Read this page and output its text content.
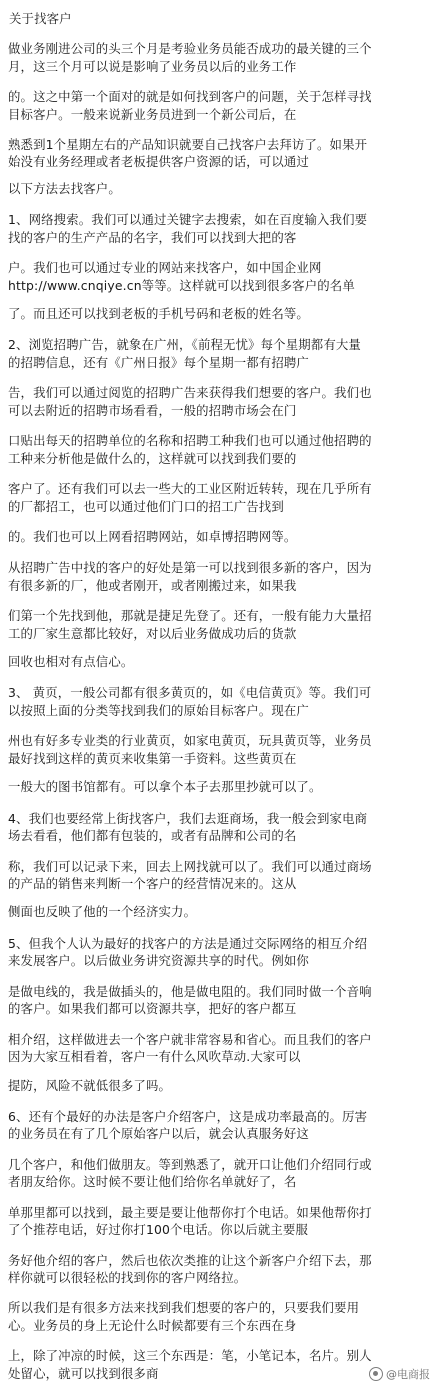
关于找客户
做业务刚进公司的头三个月是考验业务员能否成功的最关键的三个
月，这三个月可以说是影响了业务员以后的业务工作
的。这之中第一个面对的就是如何找到客户的问题，关于怎样寻找
目标客户。一般来说新业务员进到一个新公司后，在
熟悉到1个星期左右的产品知识就要自己找客户去拜访了。如果开
始没有业务经理或者老板提供客户资源的话，可以通过
以下方法去找客户。
1、网络搜索。我们可以通过关键字去搜索，如在百度输入我们要
找的客户的生产产品的名字，我们可以找到大把的客
户。我们也可以通过专业的网站来找客户，如中国企业网
http://www.cnqiye.cn等等。这样就可以找到很多客户的名单
了。而且还可以找到老板的手机号码和老板的姓名等。
2、浏览招聘广告，就象在广州，《前程无忧》每个星期都有大量
的招聘信息，还有《广州日报》每个星期一都有招聘广
告，我们可以通过阅览的招聘广告来获得我们想要的客户。我们也
可以去附近的招聘市场看看，一般的招聘市场会在门
口贴出每天的招聘单位的名称和招聘工种我们也可以通过他招聘的
工种来分析他是做什么的，这样就可以找到我们要的
客户了。还有我们可以去一些大的工业区附近转转，现在几乎所有
的厂都招工，也可以通过他们门口的招工广告找到
的。我们也可以上网看招聘网站，如卓博招聘网等。
从招聘广告中找的客户的好处是第一可以找到很多新的客户，因为
有很多新的厂，他或者刚开，或者刚搬过来，如果我
们第一个先找到他，那就是捷足先登了。还有，一般有能力大量招
工的厂家生意都比较好，对以后业务做成功后的货款
回收也相对有点信心。
3、 黄页，一般公司都有很多黄页的，如《电信黄页》等。我们可
以按照上面的分类等找到我们的原始目标客户。现在广
州也有好多专业类的行业黄页，如家电黄页，玩具黄页等，业务员
最好找到这样的黄页来收集第一手资料。这些黄页在
一般大的图书馆都有。可以拿个本子去那里抄就可以了。
4、我们也要经常上街找客户，我们去逛商场，我一般会到家电商
场去看看，他们都有包装的，或者有品牌和公司的名
称，我们可以记录下来，回去上网找就可以了。我们可以通过商场
的产品的销售来判断一个客户的经营情况来的。这从
侧面也反映了他的一个经济实力。
5、但我个人认为最好的找客户的方法是通过交际网络的相互介绍
来发展客户。以后做业务讲究资源共享的时代。例如你
是做电线的，我是做插头的，他是做电阻的。我们同时做一个音响
的客户。如果我们都可以资源共享，把好的客户都互
相介绍，这样做进去一个客户就非常容易和省心。而且我们的客户
因为大家互相看着，客户一有什么风吹草动.大家可以
提防，风险不就低很多了吗。
6、还有个最好的办法是客户介绍客户，这是成功率最高的。厉害
的业务员在有了几个原始客户以后，就会认真服务好这
几个客户，和他们做朋友。等到熟悉了，就开口让他们介绍同行或
者朋友给你。这时候不要让他们给你名单就好了，名
单那里都可以找到，最主要是要让他帮你打个电话。如果他帮你打
了个推荐电话，好过你打100个电话。你以后就主要服
务好他介绍的客户，然后也依次类推的让这个新客户介绍下去，那
样你就可以很轻松的找到你的客户网络拉。
所以我们是有很多方法来找到我们想要的客户的，只要我们要用
心。业务员的身上无论什么时候都要有三个东西在身
上，除了冲凉的时候，这三个东西是：笔，小笔记本，名片。别人
处留心，就可以找到很多商	@电商报
